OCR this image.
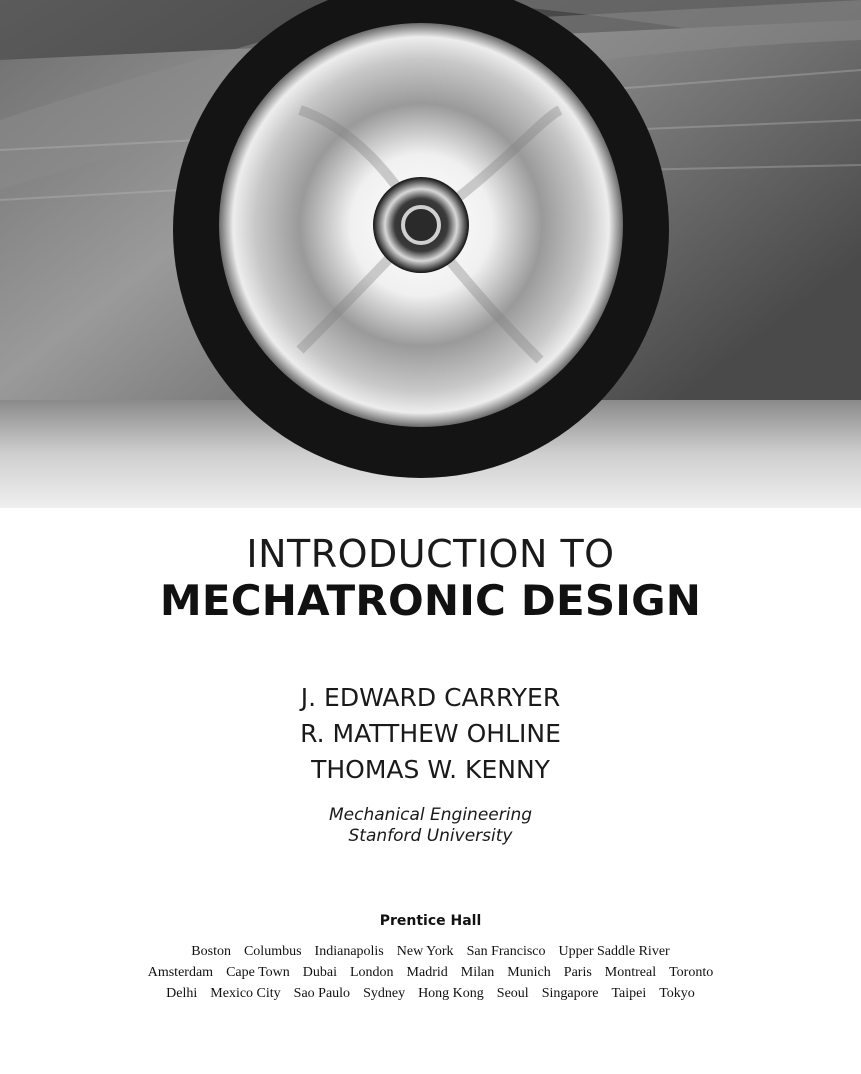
INTRODUCTION TO
MECHATRONIC DESIGN
J. EDWARD CARRYER
R. MATTHEW OHLINE
THOMAS W. KENNY
Mechanical Engineering
Stanford University
Prentice Hall
Boston Columbus Indianapolis New York San Francisco Upper Saddle River
Amsterdam Cape Town Dubai London Madrid Milan Munich Paris Montreal Toronto
Delhi Mexico City Sao Paulo Sydney Hong Kong Seoul Singapore Taipei Tokyo
